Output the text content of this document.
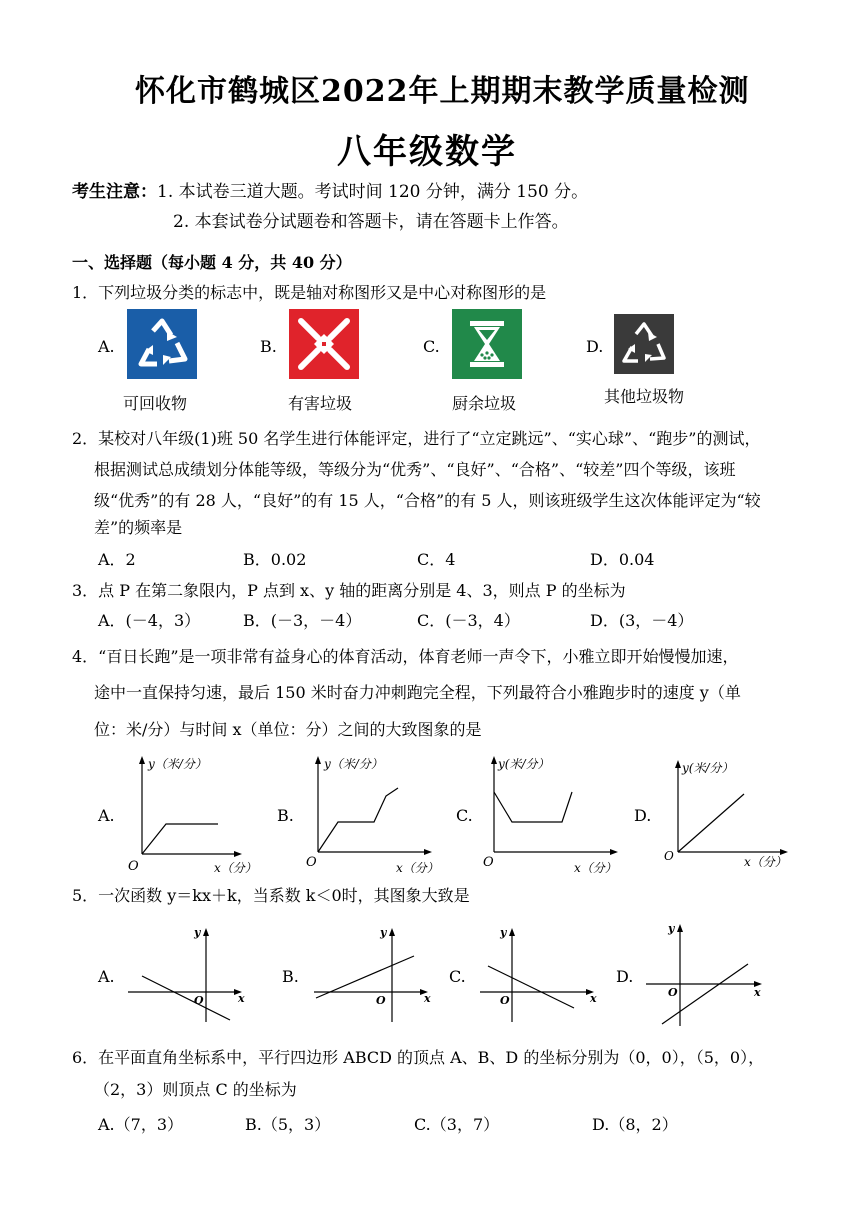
怀化市鹤城区2022年上期期末教学质量检测
八年级数学
考生注意：1. 本试卷三道大题。考试时间 120 分钟，满分 150 分。
2. 本套试卷分试题卷和答题卡，请在答题卡上作答。
一、选择题（每小题 4 分，共 40 分）
1．下列垃圾分类的标志中，既是轴对称图形又是中心对称图形的是
A.
可回收物
B.
有害垃圾
C.
厨余垃圾
D.
其他垃圾物
2．某校对八年级(1)班 50 名学生进行体能评定，进行了“立定跳远”、“实心球”、“跑步”的测试，
根据测试总成绩划分体能等级，等级分为“优秀”、“良好”、“合格”、“较差”四个等级，该班
级“优秀”的有 28 人，“良好”的有 15 人，“合格”的有 5 人，则该班级学生这次体能评定为“较
差”的频率是
A．2	B．0.02	C．4	D．0.04
3．点 P 在第二象限内，P 点到 x、y 轴的距离分别是 4、3，则点 P 的坐标为
A．(－4，3）	B．(－3，－4）	C．(－3，4）	D．(3，－4）
4．“百日长跑”是一项非常有益身心的体育活动，体育老师一声令下，小雅立即开始慢慢加速，
途中一直保持匀速，最后 150 米时奋力冲刺跑完全程，下列最符合小雅跑步时的速度 y（单
位：米/分）与时间 x（单位：分）之间的大致图象的是
A.
y（米/分）
O	x（分）
B.
y（米/分）
O	x（分）
C.
y(米/分）
O	x（分）
D.
y(米/分）
O	x（分）
5．一次函数 y＝kx＋k，当系数 k＜0时，其图象大致是
A.
y
x
O
B.
y
x
O
C.
y
x
O
D.
y
x
O
6．在平面直角坐标系中，平行四边形 ABCD 的顶点 A、B、D 的坐标分别为（0，0），（5，0），
（2，3）则顶点 C 的坐标为
A.（7，3）	B.（5，3）	C.（3，7）	D.（8，2）
